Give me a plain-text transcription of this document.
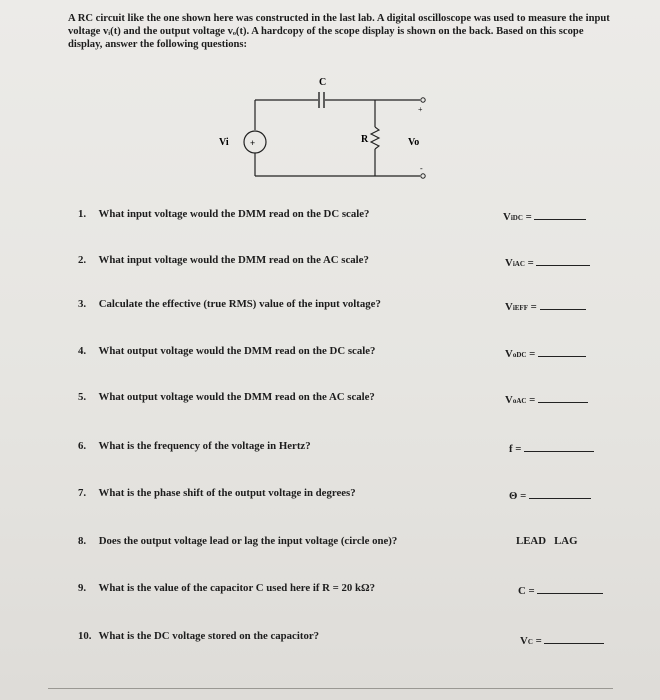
A RC circuit like the one shown here was constructed in the last lab. A digital oscilloscope was used to measure the input voltage vᵢ(t) and the output voltage vₒ(t). A hardcopy of the scope display is shown on the back. Based on this scope display, answer the following questions:
C
+
Vi	R	Vo
+
-
1. What input voltage would the DMM read on the DC scale?	ViDC =
2. What input voltage would the DMM read on the AC scale?	ViAC =
3. Calculate the effective (true RMS) value of the input voltage?	ViEFF =
4. What output voltage would the DMM read on the DC scale?	VoDC =
5. What output voltage would the DMM read on the AC scale?	VoAC =
6. What is the frequency of the voltage in Hertz?	f =
7. What is the phase shift of the output voltage in degrees?	Θ =
8. Does the output voltage lead or lag the input voltage (circle one)?	LEAD   LAG
9. What is the value of the capacitor C used here if R = 20 kΩ?	C =
10. What is the DC voltage stored on the capacitor?	VC =
